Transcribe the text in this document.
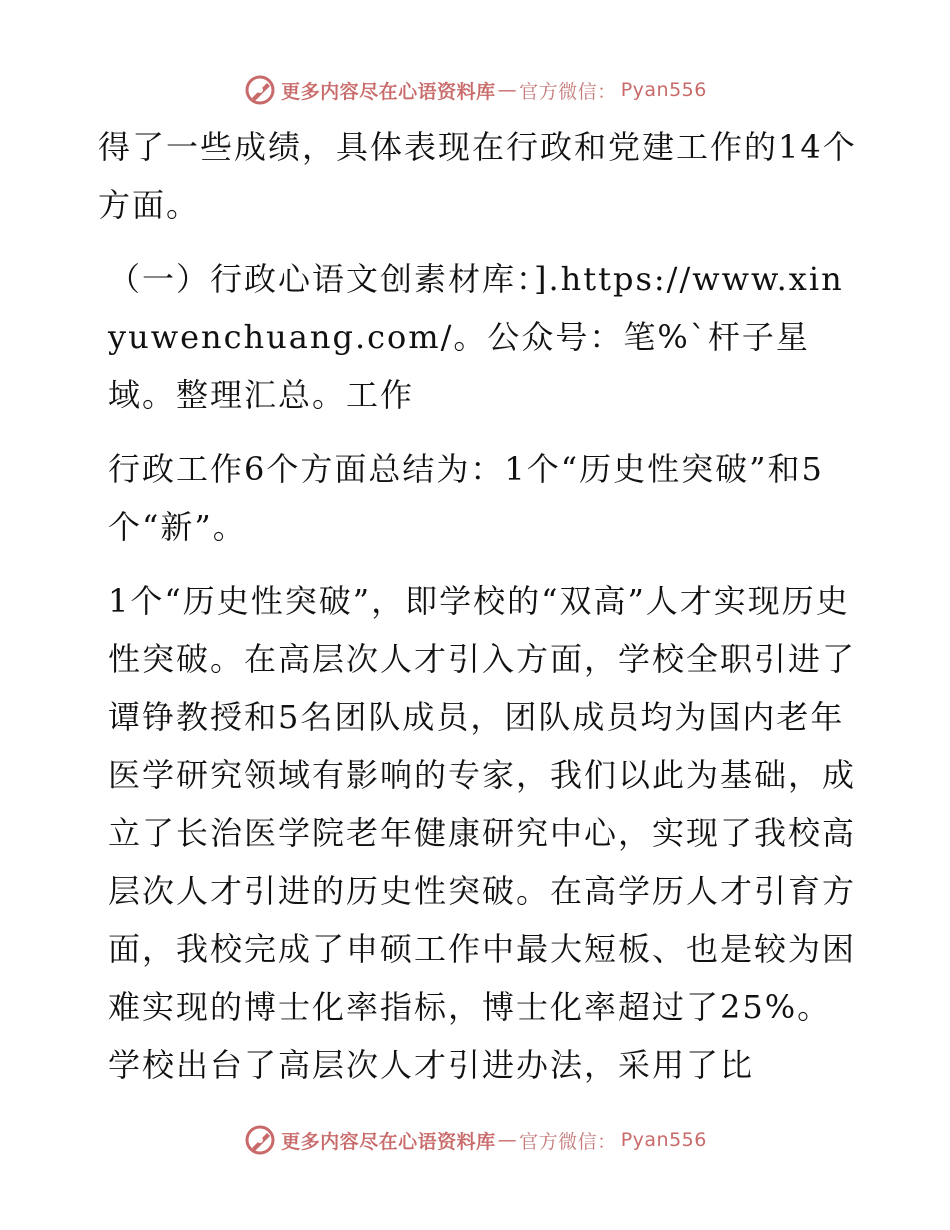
更多内容尽在心语资料库 — 官方微信： Pyan556

得了一些成绩，具体表现在行政和党建工作的14个方面。

（一）行政心语文创素材库：].https://www.xinyuwenchuang.com/。公众号：笔%`杆子星域。整理汇总。工作

行政工作6个方面总结为：1个“历史性突破”和5个“新”。

1个“历史性突破”，即学校的“双高”人才实现历史性突破。在高层次人才引入方面，学校全职引进了谭铮教授和5名团队成员，团队成员均为国内老年医学研究领域有影响的专家，我们以此为基础，成立了长治医学院老年健康研究中心，实现了我校高层次人才引进的历史性突破。在高学历人才引育方面，我校完成了申硕工作中最大短板、也是较为困难实现的博士化率指标，博士化率超过了25%。学校出台了高层次人才引进办法，采用了比

更多内容尽在心语资料库 — 官方微信： Pyan556
